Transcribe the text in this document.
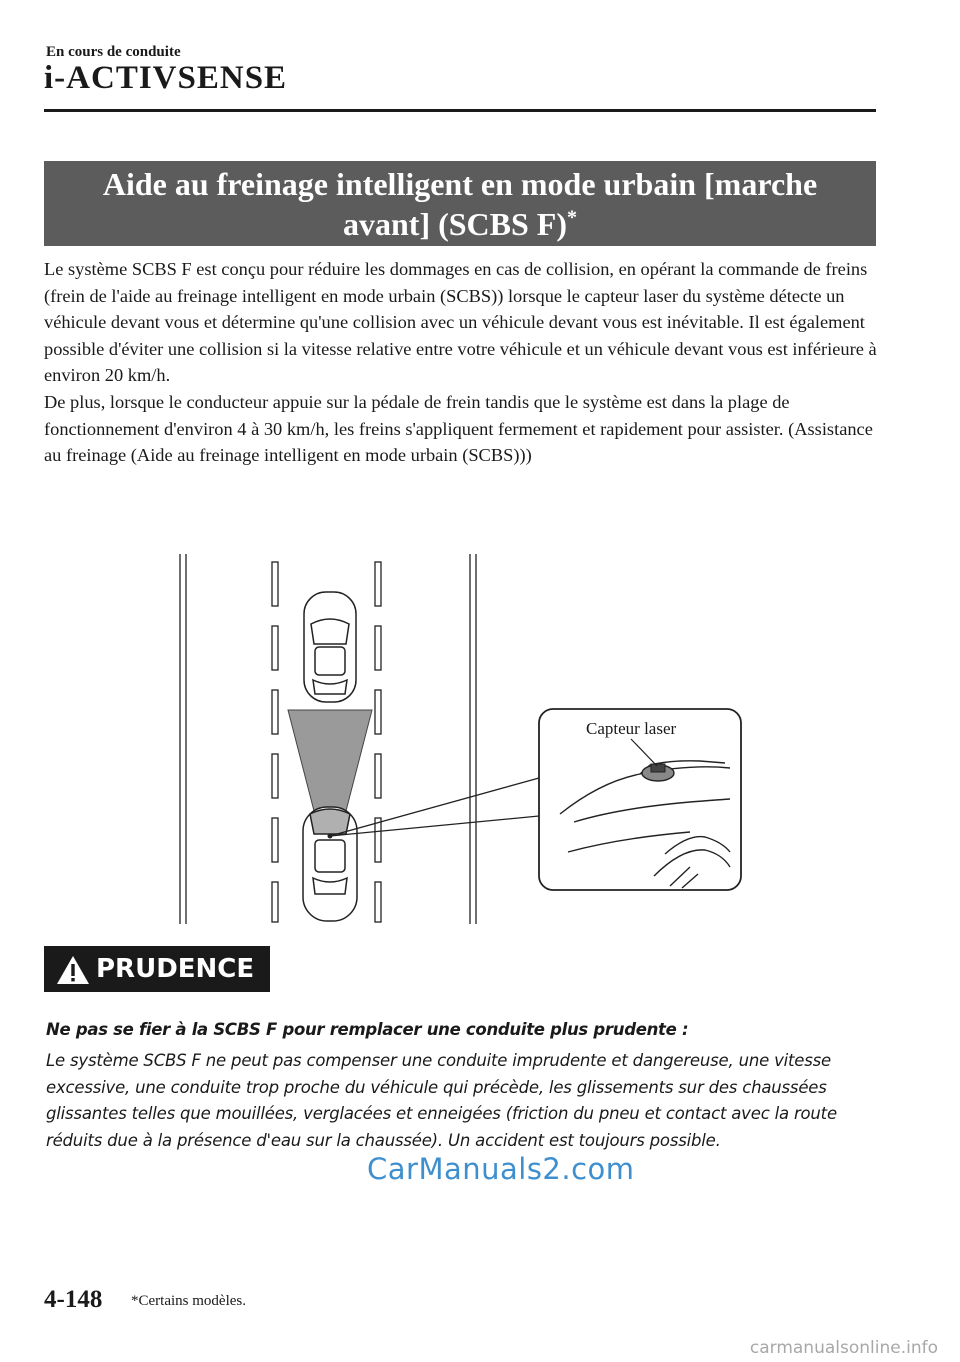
En cours de conduite
i-ACTIVSENSE
Aide au freinage intelligent en mode urbain [marche
avant] (SCBS F)*

Le système SCBS F est conçu pour réduire les dommages en cas de collision, en opérant la commande de freins (frein de l'aide au freinage intelligent en mode urbain (SCBS)) lorsque le capteur laser du système détecte un véhicule devant vous et détermine qu'une collision avec un véhicule devant vous est inévitable. Il est également possible d'éviter une collision si la vitesse relative entre votre véhicule et un véhicule devant vous est inférieure à environ 20 km/h.

De plus, lorsque le conducteur appuie sur la pédale de frein tandis que le système est dans la plage de fonctionnement d'environ 4 à 30 km/h, les freins s'appliquent fermement et rapidement pour assister. (Assistance au freinage (Aide au freinage intelligent en mode urbain (SCBS)))

Capteur laser
PRUDENCE
Ne pas se fier à la SCBS F pour remplacer une conduite plus prudente :
Le système SCBS F ne peut pas compenser une conduite imprudente et dangereuse, une vitesse excessive, une conduite trop proche du véhicule qui précède, les glissements sur des chaussées glissantes telles que mouillées, verglacées et enneigées (friction du pneu et contact avec la route réduits due à la présence d'eau sur la chaussée). Un accident est toujours possible.
CarManuals2.com
4-148 *Certains modèles.
carmanualsonline.info
